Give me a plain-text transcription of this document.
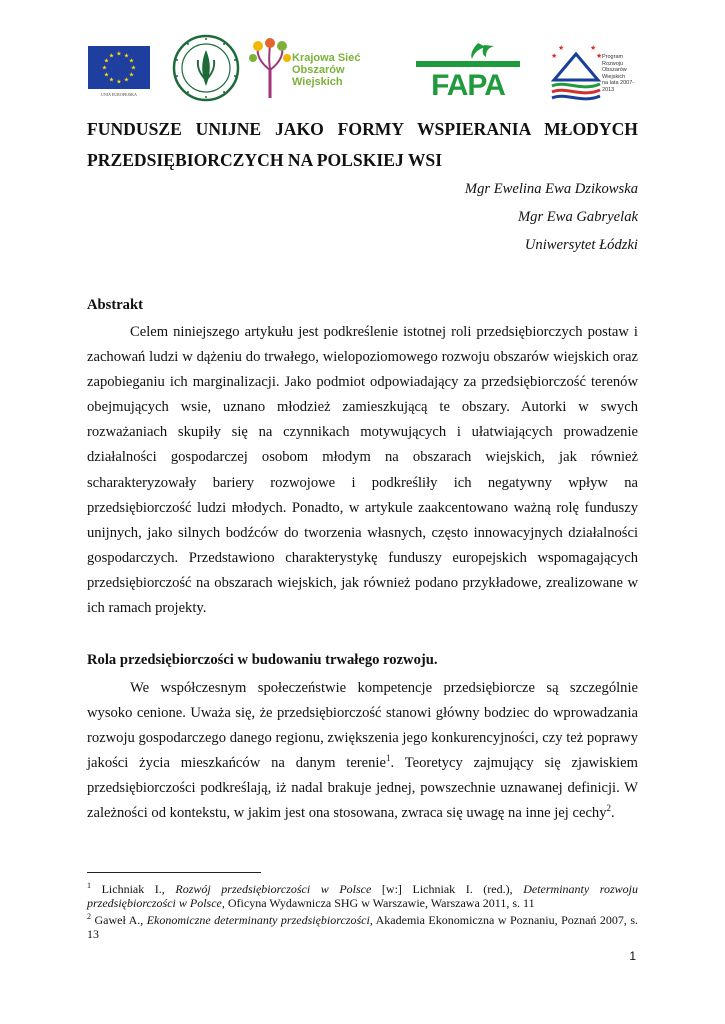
★ ★
★
★
★
★
★
★
★
★
★
★
UNIA EUROPEJSKA
Krajowa Sieć
Obszarów Wiejskich	FAPA
★
★	★
★ Program
Rozwoju
Obszarów
Wiejskich
na lata 2007-2013
FUNDUSZE UNIJNE JAKO FORMY WSPIERANIA MŁODYCH
PRZEDSIĘBIORCZYCH NA POLSKIEJ WSI
Mgr Ewelina Ewa Dzikowska
Mgr Ewa Gabryelak
Uniwersytet Łódzki
Abstrakt
Celem niniejszego artykułu jest podkreślenie istotnej roli przedsiębiorczych postaw i zachowań ludzi w dążeniu do trwałego, wielopoziomowego rozwoju obszarów wiejskich oraz zapobieganiu ich marginalizacji. Jako podmiot odpowiadający za przedsiębiorczość terenów obejmujących wsie, uznano młodzież zamieszkującą te obszary. Autorki w swych rozważaniach skupiły się na czynnikach motywujących i ułatwiających prowadzenie działalności gospodarczej osobom młodym na obszarach wiejskich, jak również scharakteryzowały bariery rozwojowe i podkreśliły ich negatywny wpływ na przedsiębiorczość ludzi młodych. Ponadto, w artykule zaakcentowano ważną rolę funduszy unijnych, jako silnych bodźców do tworzenia własnych, często innowacyjnych działalności gospodarczych. Przedstawiono charakterystykę funduszy europejskich wspomagających przedsiębiorczość na obszarach wiejskich, jak również podano przykładowe, zrealizowane w ich ramach projekty.
Rola przedsiębiorczości w budowaniu trwałego rozwoju.
We współczesnym społeczeństwie kompetencje przedsiębiorcze są szczególnie wysoko cenione. Uważa się, że przedsiębiorczość stanowi główny bodziec do wprowadzania rozwoju gospodarczego danego regionu, zwiększenia jego konkurencyjności, czy też poprawy jakości życia mieszkańców na danym terenie$^1$. Teoretycy zajmujący się zjawiskiem przedsiębiorczości podkreślają, iż nadal brakuje jednej, powszechnie uznawanej definicji. W zależności od kontekstu, w jakim jest ona stosowana, zwraca się uwagę na inne jej cechy$^2$.

$^1$ Lichniak I., Rozwój przedsiębiorczości w Polsce [w:] Lichniak I. (red.), Determinanty rozwoju przedsiębiorczości w Polsce, Oficyna Wydawnicza SHG w Warszawie, Warszawa 2011, s. 11

$^2$ Gaweł A., Ekonomiczne determinanty przedsiębiorczości, Akademia Ekonomiczna w Poznaniu, Poznań 2007, s. 13

1
